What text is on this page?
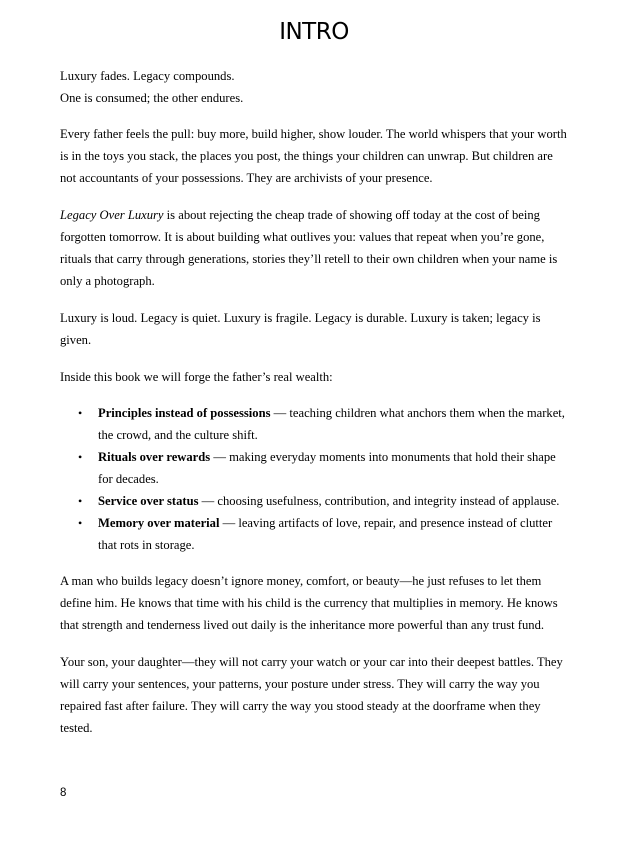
INTRO

Luxury fades. Legacy compounds.
One is consumed; the other endures.

Every father feels the pull: buy more, build higher, show louder. The world whispers that your worth is in the toys you stack, the places you post, the things your children can unwrap. But children are not accountants of your possessions. They are archivists of your presence.

Legacy Over Luxury is about rejecting the cheap trade of showing off today at the cost of being forgotten tomorrow. It is about building what outlives you: values that repeat when you’re gone, rituals that carry through generations, stories they’ll retell to their own children when your name is only a photograph.

Luxury is loud. Legacy is quiet. Luxury is fragile. Legacy is durable. Luxury is taken; legacy is given.

Inside this book we will forge the father’s real wealth:

• Principles instead of possessions — teaching children what anchors them when the market, the crowd, and the culture shift.
• Rituals over rewards — making everyday moments into monuments that hold their shape for decades.
• Service over status — choosing usefulness, contribution, and integrity instead of applause.
• Memory over material — leaving artifacts of love, repair, and presence instead of clutter that rots in storage.

A man who builds legacy doesn’t ignore money, comfort, or beauty—he just refuses to let them define him. He knows that time with his child is the currency that multiplies in memory. He knows that strength and tenderness lived out daily is the inheritance more powerful than any trust fund.

Your son, your daughter—they will not carry your watch or your car into their deepest battles. They will carry your sentences, your patterns, your posture under stress. They will carry the way you repaired fast after failure. They will carry the way you stood steady at the doorframe when they tested.

8
